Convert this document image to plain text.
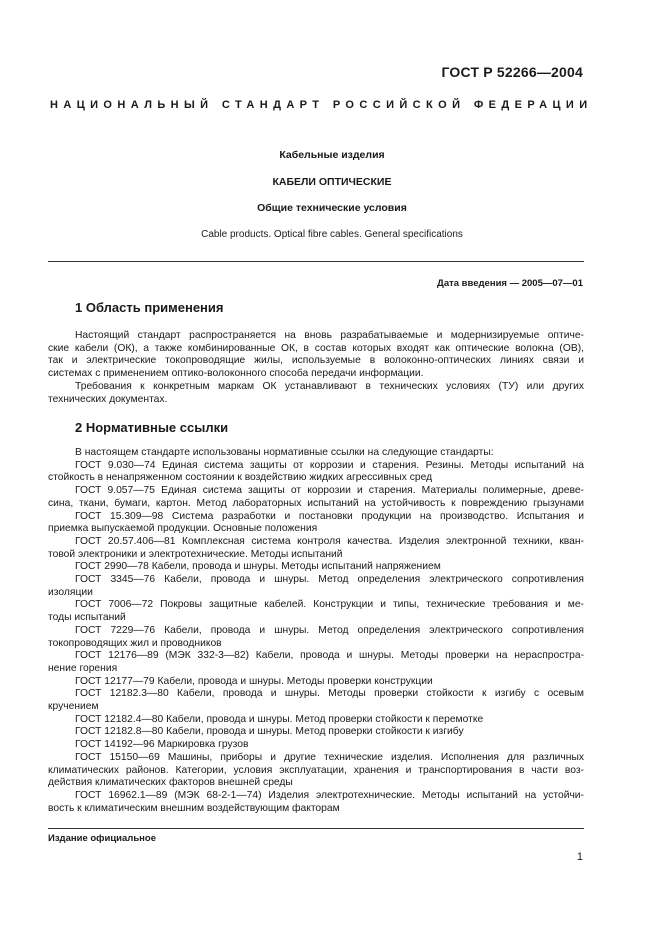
ГОСТ Р 52266—2004
НАЦИОНАЛЬНЫЙ СТАНДАРТ РОССИЙСКОЙ ФЕДЕРАЦИИ
Кабельные изделия
КАБЕЛИ ОПТИЧЕСКИЕ
Общие технические условия
Cable products. Optical fibre cables. General specifications
Дата введения — 2005—07—01
1 Область применения
Настоящий стандарт распространяется на вновь разрабатываемые и модернизируемые оптиче-
ские кабели (ОК), а также комбинированные ОК, в состав которых входят как оптические волокна (ОВ),
так и электрические токопроводящие жилы, используемые в волоконно-оптических линиях связи и
системах с применением оптико-волоконного способа передачи информации.
Требования к конкретным маркам ОК устанавливают в технических условиях (ТУ) или других
технических документах.
2 Нормативные ссылки
В настоящем стандарте использованы нормативные ссылки на следующие стандарты:
ГОСТ 9.030—74 Единая система защиты от коррозии и старения. Резины. Методы испытаний на
стойкость в ненапряженном состоянии к воздействию жидких агрессивных сред
ГОСТ 9.057—75 Единая система защиты от коррозии и старения. Материалы полимерные, древе-
сина, ткани, бумаги, картон. Метод лабораторных испытаний на устойчивость к повреждению грызунами
ГОСТ 15.309—98 Система разработки и постановки продукции на производство. Испытания и
приемка выпускаемой продукции. Основные положения
ГОСТ 20.57.406—81 Комплексная система контроля качества. Изделия электронной техники, кван-
товой электроники и электротехнические. Методы испытаний
ГОСТ 2990—78 Кабели, провода и шнуры. Методы испытаний напряжением
ГОСТ 3345—76 Кабели, провода и шнуры. Метод определения электрического сопротивления
изоляции
ГОСТ 7006—72 Покровы защитные кабелей. Конструкции и типы, технические требования и ме-
тоды испытаний
ГОСТ 7229—76 Кабели, провода и шнуры. Метод определения электрического сопротивления
токопроводящих жил и проводников
ГОСТ 12176—89 (МЭК 332-3—82) Кабели, провода и шнуры. Методы проверки на нераспростра-
нение горения
ГОСТ 12177—79 Кабели, провода и шнуры. Методы проверки конструкции
ГОСТ 12182.3—80 Кабели, провода и шнуры. Методы проверки стойкости к изгибу с осевым
кручением
ГОСТ 12182.4—80 Кабели, провода и шнуры. Метод проверки стойкости к перемотке
ГОСТ 12182.8—80 Кабели, провода и шнуры. Метод проверки стойкости к изгибу
ГОСТ 14192—96 Маркировка грузов
ГОСТ 15150—69 Машины, приборы и другие технические изделия. Исполнения для различных
климатических районов. Категории, условия эксплуатации, хранения и транспортирования в части воз-
действия климатических факторов внешней среды
ГОСТ 16962.1—89 (МЭК 68-2-1—74) Изделия электротехнические. Методы испытаний на устойчи-
вость к климатическим внешним воздействующим факторам
Издание официальное
1
